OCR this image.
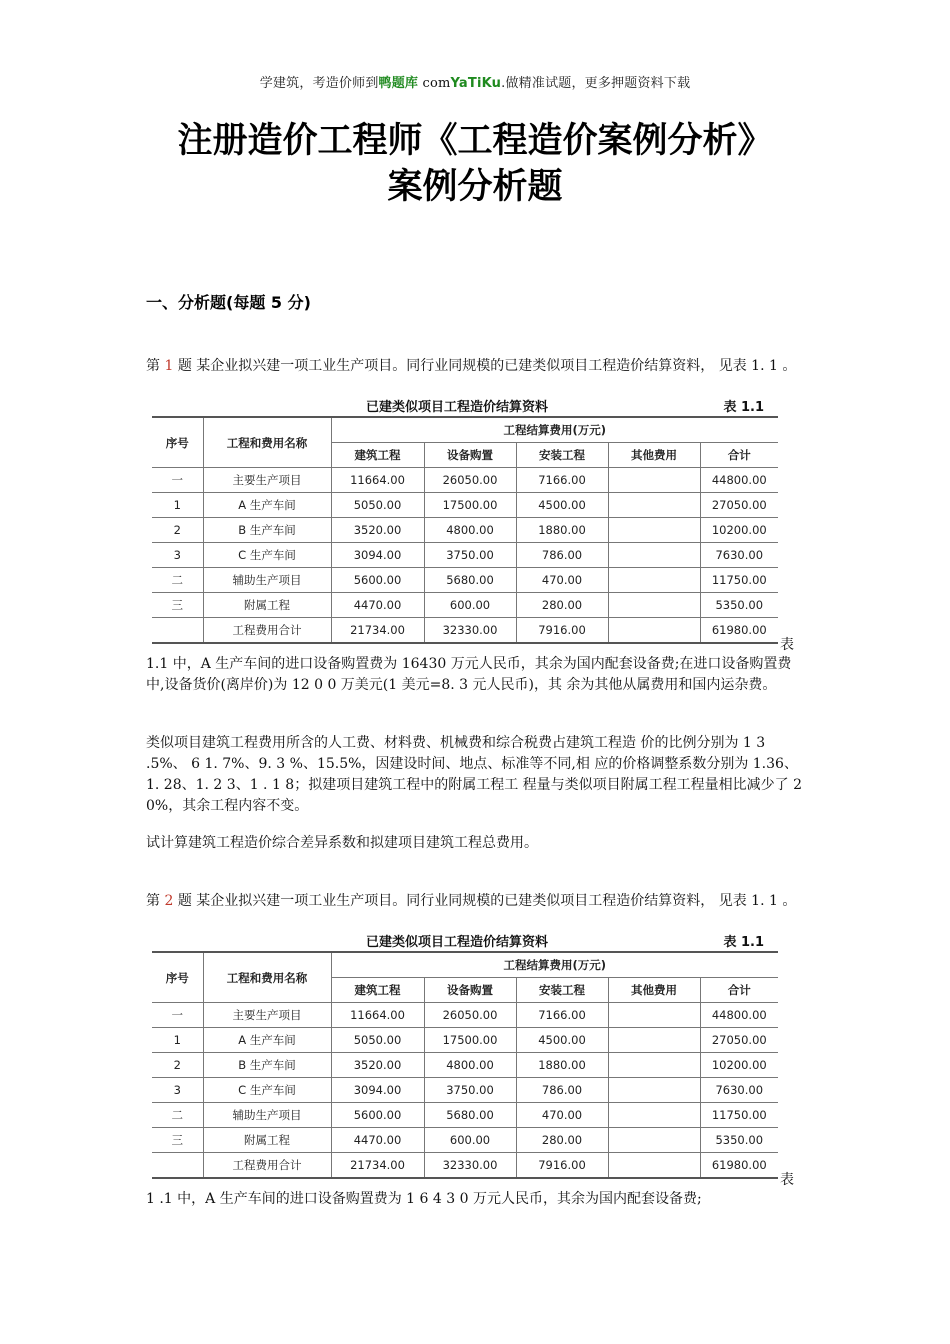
学建筑，考造价师到鸭题库 comYaTiKu.做精准试题，更多押题资料下载
注册造价工程师《工程造价案例分析》
案例分析题
一、分析题(每题 5 分)
第 1 题 某企业拟兴建一项工业生产项目。同行业同规模的已建类似项目工程造价结算资料， 见表 1. 1 。
已建类似项目工程造价结算资料	表 1.1
序号	工程和费用名称	工程结算费用(万元)				
		建筑工程	设备购置	安装工程	其他费用	合计
一	主要生产项目	11664.00	26050.00	7166.00		44800.00
1	A 生产车间	5050.00	17500.00	4500.00		27050.00
2	B 生产车间	3520.00	4800.00	1880.00		10200.00
3	C 生产车间	3094.00	3750.00	786.00		7630.00
二	辅助生产项目	5600.00	5680.00	470.00		11750.00
三	附属工程	4470.00	600.00	280.00		5350.00
	工程费用合计	21734.00	32330.00	7916.00		61980.00
表
1.1 中，A 生产车间的进口设备购置费为 16430 万元人民币，其余为国内配套设备费;在进口设备购置费中,设备货价(离岸价)为 12 0 0 万美元(1 美元=8. 3 元人民币)，其 余为其他从属费用和国内运杂费。
类似项目建筑工程费用所含的人工费、材料费、机械费和综合税费占建筑工程造 价的比例分别为 1 3 .5%、 6 1. 7%、9. 3 %、15.5%，因建设时间、地点、标准等不同,相 应的价格调整系数分别为 1.36、1. 28、1. 2 3、1 . 1 8；拟建项目建筑工程中的附属工程工 程量与类似项目附属工程工程量相比减少了 2 0%，其余工程内容不变。
试计算建筑工程造价综合差异系数和拟建项目建筑工程总费用。
第 2 题 某企业拟兴建一项工业生产项目。同行业同规模的已建类似项目工程造价结算资料， 见表 1. 1 。
已建类似项目工程造价结算资料	表 1.1
序号	工程和费用名称	工程结算费用(万元)				
		建筑工程	设备购置	安装工程	其他费用	合计
一	主要生产项目	11664.00	26050.00	7166.00		44800.00
1	A 生产车间	5050.00	17500.00	4500.00		27050.00
2	B 生产车间	3520.00	4800.00	1880.00		10200.00
3	C 生产车间	3094.00	3750.00	786.00		7630.00
二	辅助生产项目	5600.00	5680.00	470.00		11750.00
三	附属工程	4470.00	600.00	280.00		5350.00
	工程费用合计	21734.00	32330.00	7916.00		61980.00
表
1 .1 中，A 生产车间的进口设备购置费为 1 6 4 3 0 万元人民币，其余为国内配套设备费;
